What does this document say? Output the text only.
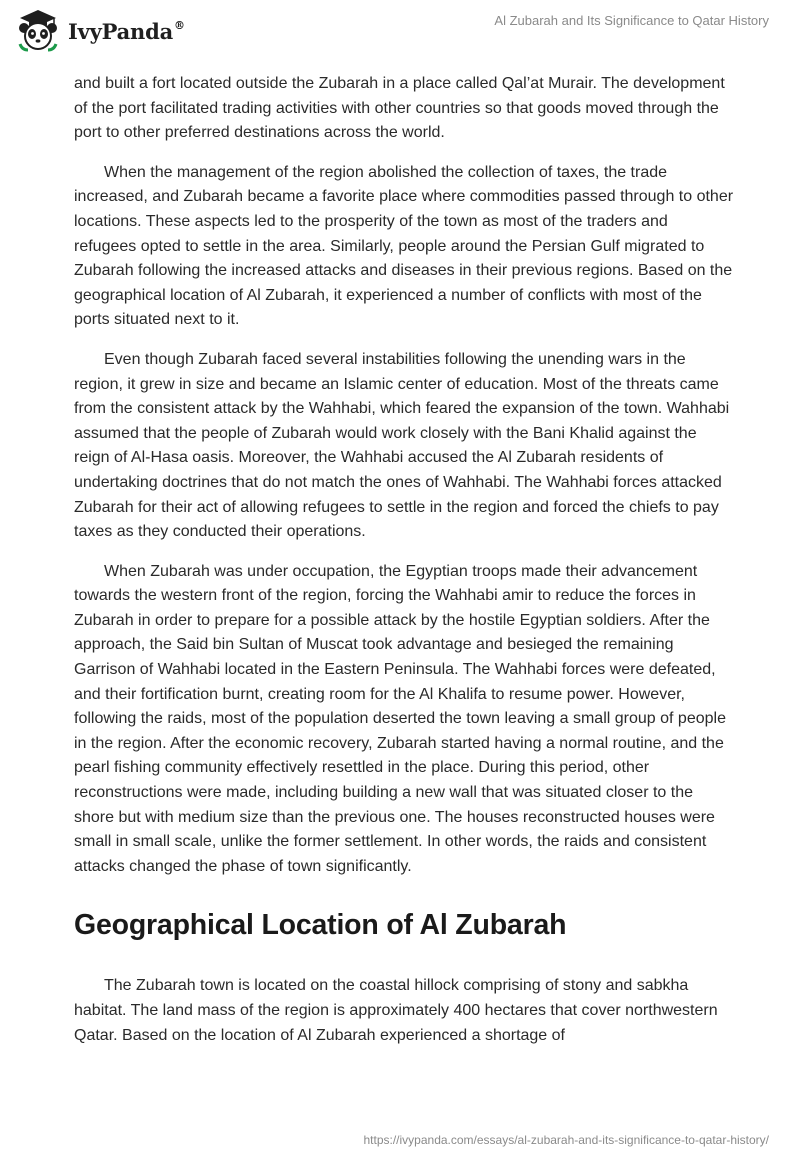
IvyPanda®	Al Zubarah and Its Significance to Qatar History

and built a fort located outside the Zubarah in a place called Qal’at Murair. The development of the port facilitated trading activities with other countries so that goods moved through the port to other preferred destinations across the world.

When the management of the region abolished the collection of taxes, the trade increased, and Zubarah became a favorite place where commodities passed through to other locations. These aspects led to the prosperity of the town as most of the traders and refugees opted to settle in the area. Similarly, people around the Persian Gulf migrated to Zubarah following the increased attacks and diseases in their previous regions. Based on the geographical location of Al Zubarah, it experienced a number of conflicts with most of the ports situated next to it.

Even though Zubarah faced several instabilities following the unending wars in the region, it grew in size and became an Islamic center of education. Most of the threats came from the consistent attack by the Wahhabi, which feared the expansion of the town. Wahhabi assumed that the people of Zubarah would work closely with the Bani Khalid against the reign of Al-Hasa oasis. Moreover, the Wahhabi accused the Al Zubarah residents of undertaking doctrines that do not match the ones of Wahhabi. The Wahhabi forces attacked Zubarah for their act of allowing refugees to settle in the region and forced the chiefs to pay taxes as they conducted their operations.

When Zubarah was under occupation, the Egyptian troops made their advancement towards the western front of the region, forcing the Wahhabi amir to reduce the forces in Zubarah in order to prepare for a possible attack by the hostile Egyptian soldiers. After the approach, the Said bin Sultan of Muscat took advantage and besieged the remaining Garrison of Wahhabi located in the Eastern Peninsula. The Wahhabi forces were defeated, and their fortification burnt, creating room for the Al Khalifa to resume power. However, following the raids, most of the population deserted the town leaving a small group of people in the region. After the economic recovery, Zubarah started having a normal routine, and the pearl fishing community effectively resettled in the place. During this period, other reconstructions were made, including building a new wall that was situated closer to the shore but with medium size than the previous one. The houses reconstructed houses were small in small scale, unlike the former settlement. In other words, the raids and consistent attacks changed the phase of town significantly.

Geographical Location of Al Zubarah

The Zubarah town is located on the coastal hillock comprising of stony and sabkha habitat. The land mass of the region is approximately 400 hectares that cover northwestern Qatar. Based on the location of Al Zubarah experienced a shortage of

https://ivypanda.com/essays/al-zubarah-and-its-significance-to-qatar-history/
